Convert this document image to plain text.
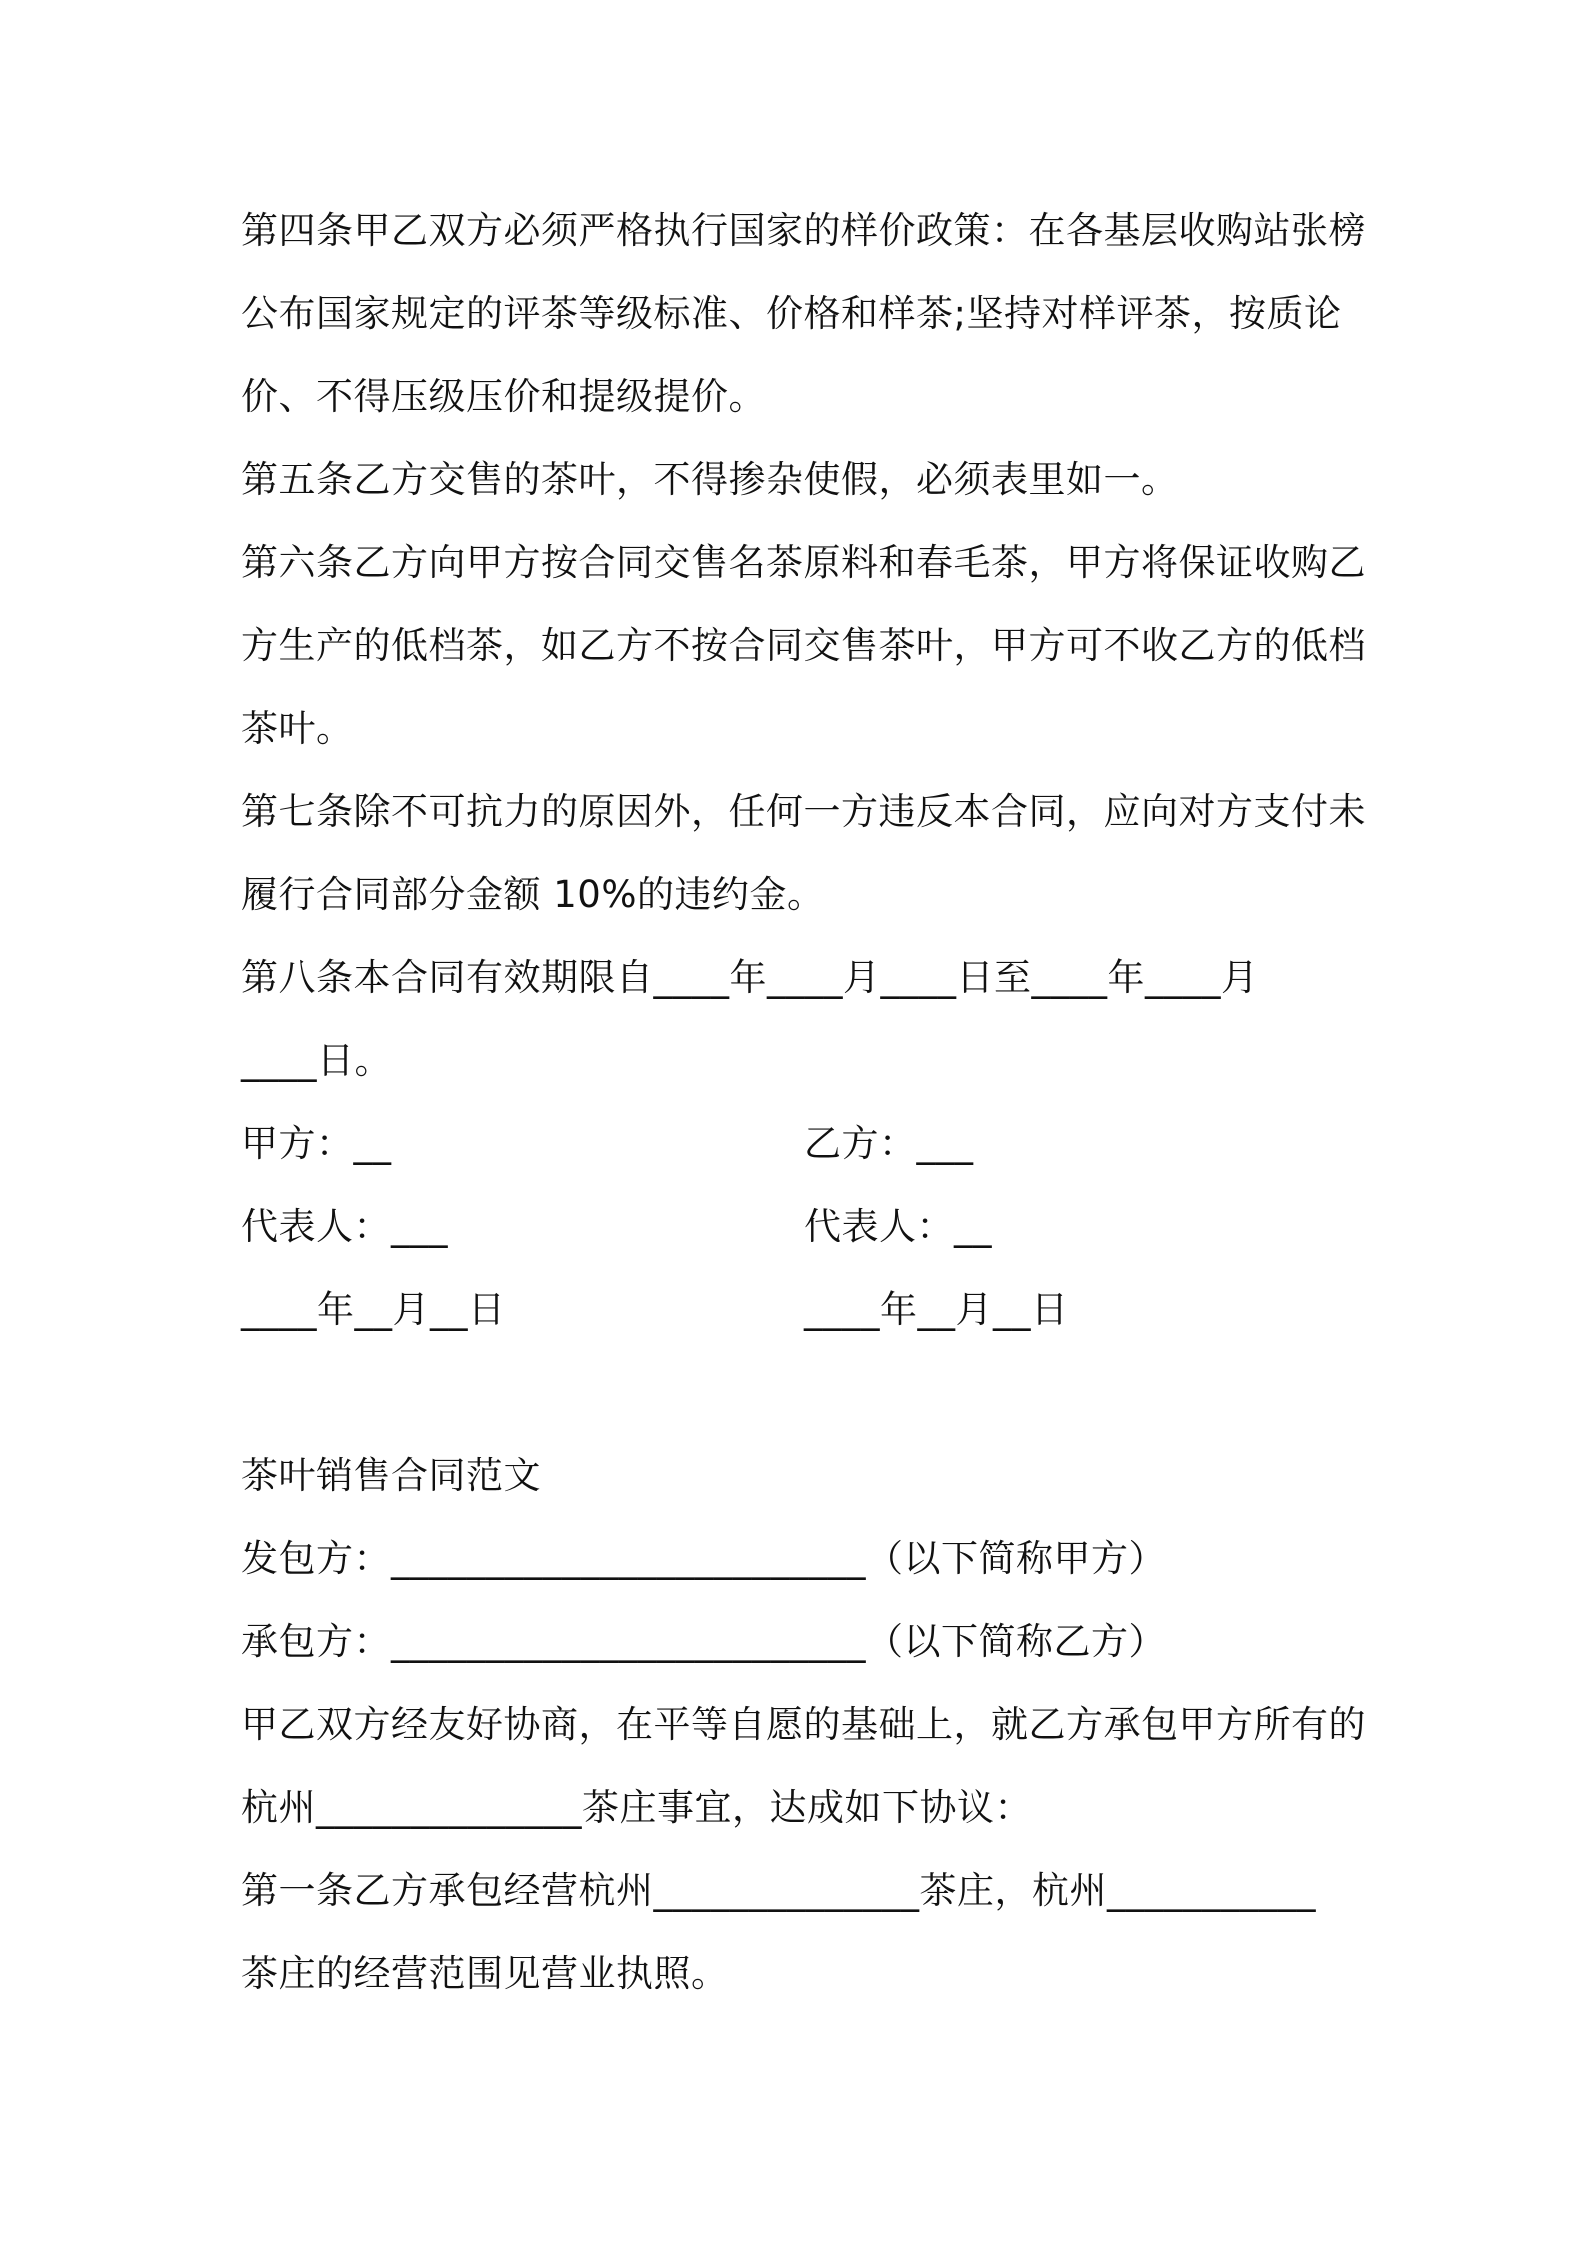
第四条甲乙双方必须严格执行国家的样价政策：在各基层收购站张榜

公布国家规定的评茶等级标准、价格和样茶;坚持对样评茶，按质论

价、不得压级压价和提级提价。

第五条乙方交售的茶叶，不得掺杂使假，必须表里如一。

第六条乙方向甲方按合同交售名茶原料和春毛茶，甲方将保证收购乙

方生产的低档茶，如乙方不按合同交售茶叶，甲方可不收乙方的低档

茶叶。

第七条除不可抗力的原因外，任何一方违反本合同，应向对方支付未

履行合同部分金额 10%的违约金。

第八条本合同有效期限自____年____月____日至____年____月

____日。

甲方：__	乙方：___

代表人：___	代表人：__

____年__月__日	____年__月__日

茶叶销售合同范文

发包方：_________________________（以下简称甲方）

承包方：_________________________（以下简称乙方）

甲乙双方经友好协商，在平等自愿的基础上，就乙方承包甲方所有的

杭州______________茶庄事宜，达成如下协议：

第一条乙方承包经营杭州______________茶庄，杭州___________

茶庄的经营范围见营业执照。
